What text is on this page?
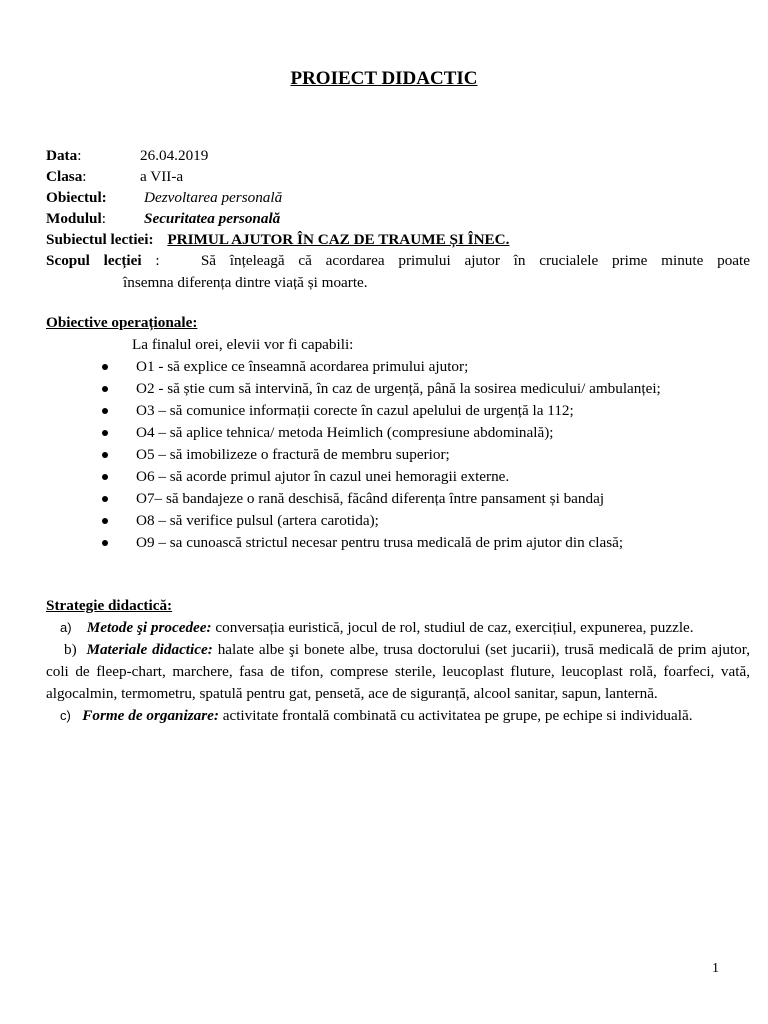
PROIECT DIDACTIC
Data:	26.04.2019
Clasa:	a VII-a
Obiectul: Dezvoltarea personală
Modulul:	Securitatea personală
Subiectul lectiei: PRIMUL AJUTOR ÎN CAZ DE TRAUME ȘI ÎNEC.
Scopul lecției :   Să înțeleagă că acordarea primului ajutor în crucialele prime minute poate
însemna diferența dintre viață și moarte.
Obiective operaționale:
La finalul orei, elevii vor fi capabili:
O1 - să explice ce înseamnă acordarea primului ajutor;
O2 - să știe cum să intervină, în caz de urgență, până la sosirea medicului/ ambulanței;
O3 – să comunice informații corecte în cazul apelului de urgență la 112;
O4 – să aplice tehnica/ metoda Heimlich (compresiune abdominală);
O5 – să imobilizeze o fractură de membru superior;
O6 – să acorde primul ajutor în cazul unei hemoragii externe.
O7– să bandajeze o rană deschisă, făcând diferența între pansament și bandaj
O8 – să verifice pulsul (artera carotida);
O9 – sa cunoască strictul necesar pentru trusa medicală de prim ajutor din clasă;
Strategie didactică:

a) Metode şi procedee: conversația euristică, jocul de rol, studiul de caz, exercițiul, expunerea, puzzle.

b) Materiale didactice: halate albe şi bonete albe, trusa doctorului (set jucarii), trusă medicală de prim ajutor, coli de fleep-chart, marchere, fasa de tifon, comprese sterile, leucoplast fluture, leucoplast rolă, foarfeci, vată, algocalmin, termometru, spatulă pentru gat, pensetă, ace de siguranță, alcool sanitar, sapun, lanternă.

c) Forme de organizare: activitate frontală combinată cu activitatea pe grupe, pe echipe si individuală.

1
